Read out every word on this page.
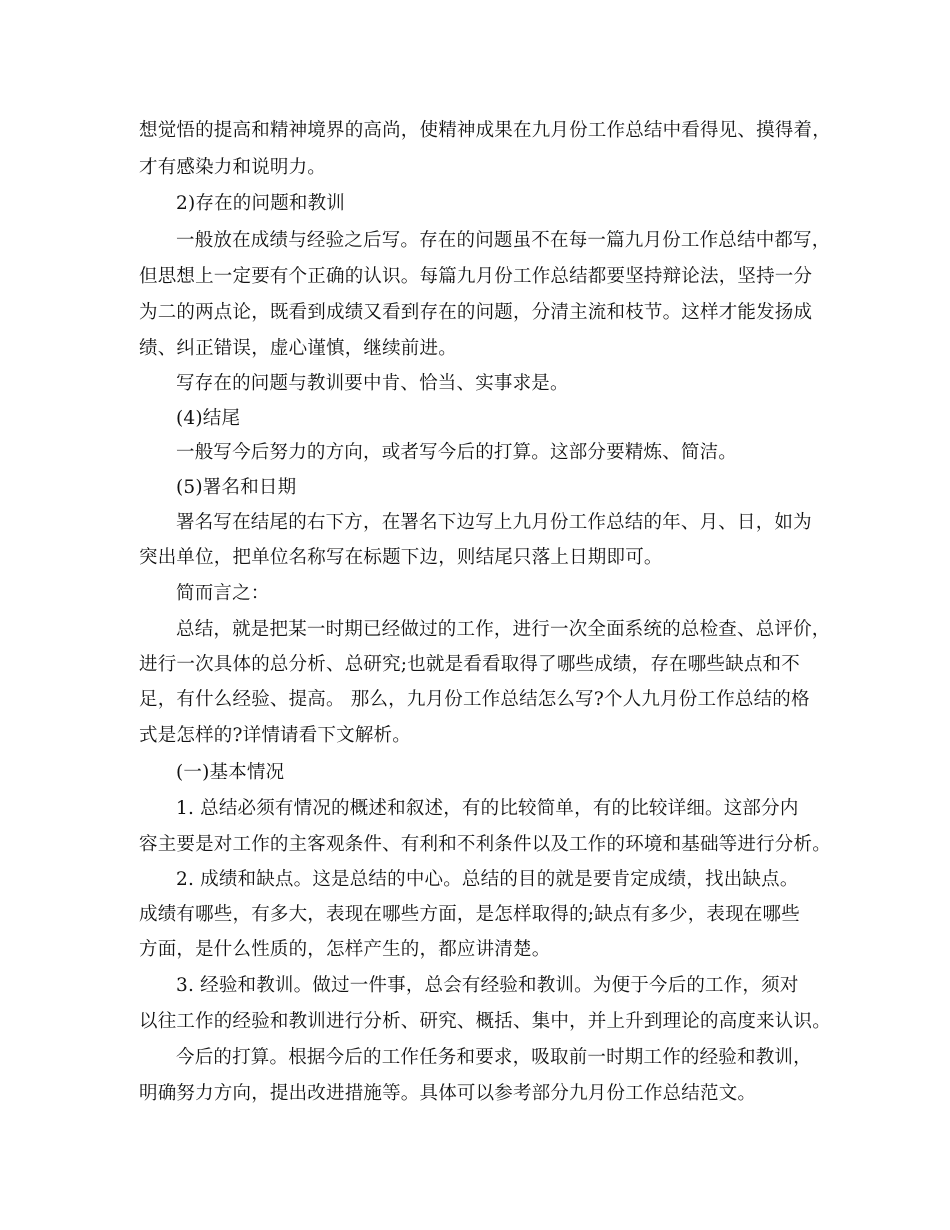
想觉悟的提高和精神境界的高尚，使精神成果在九月份工作总结中看得见、摸得着，
才有感染力和说明力。
2)存在的问题和教训
一般放在成绩与经验之后写。存在的问题虽不在每一篇九月份工作总结中都写，
但思想上一定要有个正确的认识。每篇九月份工作总结都要坚持辩论法，坚持一分
为二的两点论，既看到成绩又看到存在的问题，分清主流和枝节。这样才能发扬成
绩、纠正错误，虚心谨慎，继续前进。
写存在的问题与教训要中肯、恰当、实事求是。
(4)结尾
一般写今后努力的方向，或者写今后的打算。这部分要精炼、简洁。
(5)署名和日期
署名写在结尾的右下方，在署名下边写上九月份工作总结的年、月、日，如为
突出单位，把单位名称写在标题下边，则结尾只落上日期即可。
简而言之：
总结，就是把某一时期已经做过的工作，进行一次全面系统的总检查、总评价，
进行一次具体的总分析、总研究;也就是看看取得了哪些成绩，存在哪些缺点和不
足，有什么经验、提高。 那么，九月份工作总结怎么写?个人九月份工作总结的格
式是怎样的?详情请看下文解析。
(一)基本情况
1. 总结必须有情况的概述和叙述，有的比较简单，有的比较详细。这部分内
容主要是对工作的主客观条件、有利和不利条件以及工作的环境和基础等进行分析。
2. 成绩和缺点。这是总结的中心。总结的目的就是要肯定成绩，找出缺点。
成绩有哪些，有多大，表现在哪些方面，是怎样取得的;缺点有多少，表现在哪些
方面，是什么性质的，怎样产生的，都应讲清楚。
3. 经验和教训。做过一件事，总会有经验和教训。为便于今后的工作，须对
以往工作的经验和教训进行分析、研究、概括、集中，并上升到理论的高度来认识。
今后的打算。根据今后的工作任务和要求，吸取前一时期工作的经验和教训，
明确努力方向，提出改进措施等。具体可以参考部分九月份工作总结范文。
